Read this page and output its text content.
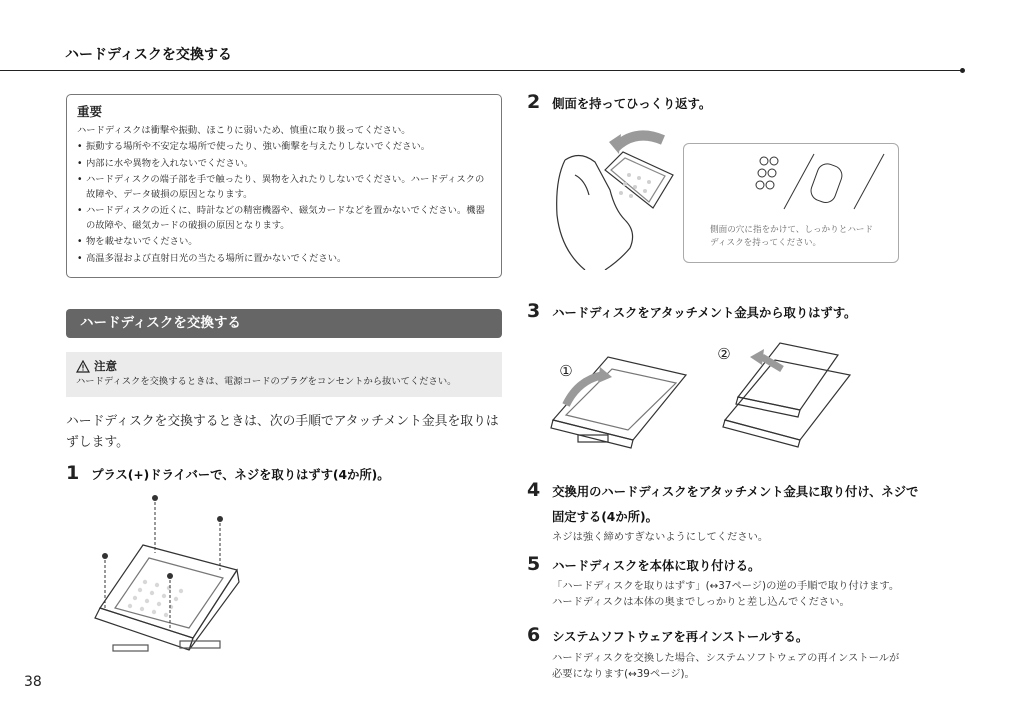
ハードディスクを交換する
重要
ハードディスクは衝撃や振動、ほこりに弱いため、慎重に取り扱ってください。
• 振動する場所や不安定な場所で使ったり、強い衝撃を与えたりしないでください。
• 内部に水や異物を入れないでください。
• ハードディスクの端子部を手で触ったり、異物を入れたりしないでください。ハードディスクの故障や、データ破損の原因となります。
• ハードディスクの近くに、時計などの精密機器や、磁気カードなどを置かないでください。機器の故障や、磁気カードの破損の原因となります。
• 物を載せないでください。
• 高温多湿および直射日光の当たる場所に置かないでください。
ハードディスクを交換する
注意
ハードディスクを交換するときは、電源コードのプラグをコンセントから抜いてください。
ハードディスクを交換するときは、次の手順でアタッチメント金具を取りはずします。
1 プラス(+)ドライバーで、ネジを取りはずす(4か所)。
2 側面を持ってひっくり返す。
側面の穴に指をかけて、しっかりとハードディスクを持ってください。
3 ハードディスクをアタッチメント金具から取りはずす。
①
②
4 交換用のハードディスクをアタッチメント金具に取り付け、ネジで
固定する(4か所)。
ネジは強く締めすぎないようにしてください。
5 ハードディスクを本体に取り付ける。
「ハードディスクを取りはずす」(↔37ページ)の逆の手順で取り付けます。
ハードディスクは本体の奥までしっかりと差し込んでください。
6 システムソフトウェアを再インストールする。
ハードディスクを交換した場合、システムソフトウェアの再インストールが
必要になります(↔39ページ)。
38
